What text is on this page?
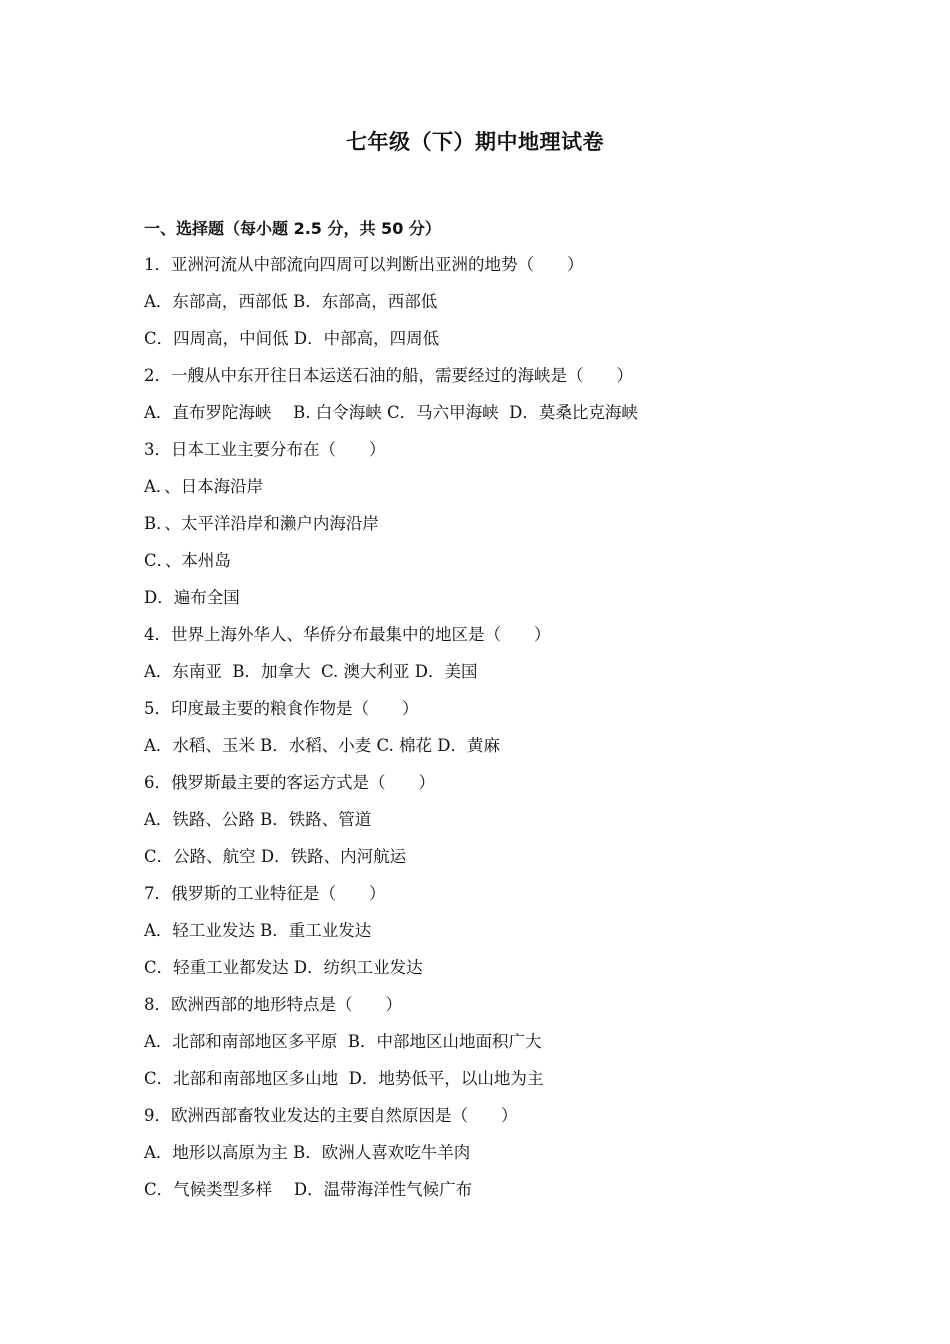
七年级（下）期中地理试卷
一、选择题（每小题 2.5 分，共 50 分）
1．亚洲河流从中部流向四周可以判断出亚洲的地势（　　）
A．东部高，西部低 B．东部高，西部低
C．四周高，中间低 D．中部高，四周低
2．一艘从中东开往日本运送石油的船，需要经过的海峡是（　　）
A．直布罗陀海峡　 B. 白令海峡 C．马六甲海峡  D．莫桑比克海峡
3．日本工业主要分布在（　　）
A．、日本海沿岸
B．、太平洋沿岸和濑户内海沿岸
C．、本州岛
D．遍布全国
4．世界上海外华人、华侨分布最集中的地区是（　　）
A．东南亚  B．加拿大  C. 澳大利亚 D．美国
5．印度最主要的粮食作物是（　　）
A．水稻、玉米 B．水稻、小麦 C. 棉花 D．黄麻
6．俄罗斯最主要的客运方式是（　　）
A．铁路、公路 B．铁路、管道
C．公路、航空 D．铁路、内河航运
7．俄罗斯的工业特征是（　　）
A．轻工业发达 B．重工业发达
C．轻重工业都发达 D．纺织工业发达
8．欧洲西部的地形特点是（　　）
A．北部和南部地区多平原  B．中部地区山地面积广大
C．北部和南部地区多山地  D．地势低平，以山地为主
9．欧洲西部畜牧业发达的主要自然原因是（　　）
A．地形以高原为主 B．欧洲人喜欢吃牛羊肉
C．气候类型多样　 D．温带海洋性气候广布
